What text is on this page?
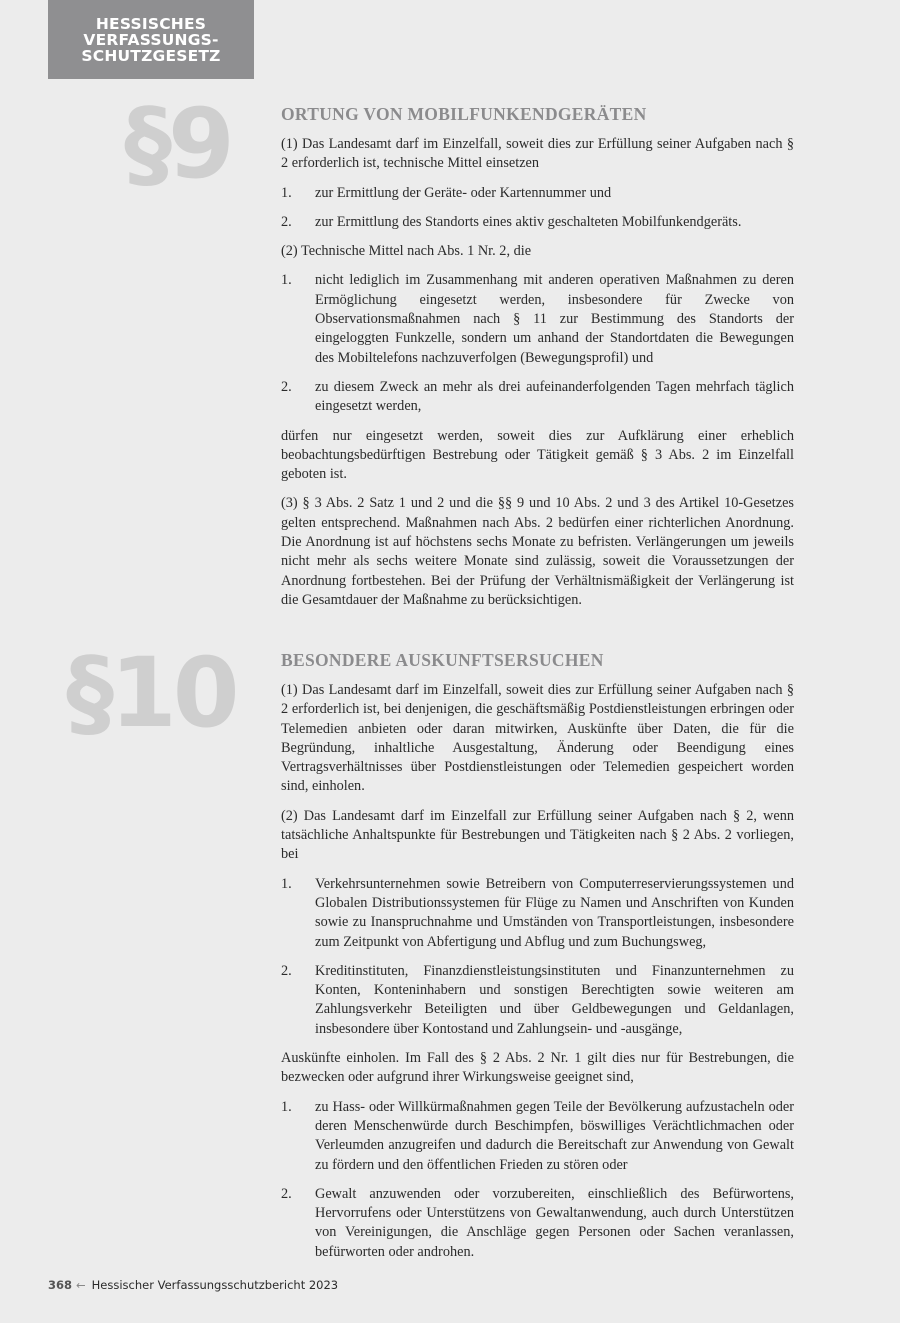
HESSISCHES
VERFASSUNGS-
SCHUTZGESETZ
§9
§10
ORTUNG VON MOBILFUNKENDGERÄTEN

(1) Das Landesamt darf im Einzelfall, soweit dies zur Erfüllung seiner Aufgaben nach § 2 erforderlich ist, technische Mittel einsetzen

1.	zur Ermittlung der Geräte- oder Kartennummer und
2.	zur Ermittlung des Standorts eines aktiv geschalteten Mobilfunkendgeräts.

(2) Technische Mittel nach Abs. 1 Nr. 2, die

1.	nicht lediglich im Zusammenhang mit anderen operativen Maßnahmen zu deren Ermöglichung eingesetzt werden, insbesondere für Zwecke von Observationsmaßnahmen nach § 11 zur Bestimmung des Standorts der eingeloggten Funkzelle, sondern um anhand der Standortdaten die Bewegungen des Mobiltelefons nachzuverfolgen (Bewegungsprofil) und
2.	zu diesem Zweck an mehr als drei aufeinanderfolgenden Tagen mehrfach täglich eingesetzt werden,

dürfen nur eingesetzt werden, soweit dies zur Aufklärung einer erheblich beobachtungsbedürftigen Bestrebung oder Tätigkeit gemäß § 3 Abs. 2 im Einzelfall geboten ist.

(3) § 3 Abs. 2 Satz 1 und 2 und die §§ 9 und 10 Abs. 2 und 3 des Artikel 10-Gesetzes gelten entsprechend. Maßnahmen nach Abs. 2 bedürfen einer richterlichen Anordnung. Die Anordnung ist auf höchstens sechs Monate zu befristen. Verlängerungen um jeweils nicht mehr als sechs weitere Monate sind zulässig, soweit die Voraussetzungen der Anordnung fortbestehen. Bei der Prüfung der Verhältnismäßigkeit der Verlängerung ist die Gesamtdauer der Maßnahme zu berücksichtigen.

BESONDERE AUSKUNFTSERSUCHEN

(1) Das Landesamt darf im Einzelfall, soweit dies zur Erfüllung seiner Aufgaben nach § 2 erforderlich ist, bei denjenigen, die geschäftsmäßig Postdienstleistungen erbringen oder Telemedien anbieten oder daran mitwirken, Auskünfte über Daten, die für die Begründung, inhaltliche Ausgestaltung, Änderung oder Beendigung eines Vertragsverhältnisses über Postdienstleistungen oder Telemedien gespeichert worden sind, einholen.

(2) Das Landesamt darf im Einzelfall zur Erfüllung seiner Aufgaben nach § 2, wenn tatsächliche Anhaltspunkte für Bestrebungen und Tätigkeiten nach § 2 Abs. 2 vorliegen, bei

1.	Verkehrsunternehmen sowie Betreibern von Computerreservierungssystemen und Globalen Distributionssystemen für Flüge zu Namen und Anschriften von Kunden sowie zu Inanspruchnahme und Umständen von Transportleistungen, insbesondere zum Zeitpunkt von Abfertigung und Abflug und zum Buchungsweg,
2.	Kreditinstituten, Finanzdienstleistungsinstituten und Finanzunternehmen zu Konten, Konteninhabern und sonstigen Berechtigten sowie weiteren am Zahlungsverkehr Beteiligten und über Geldbewegungen und Geldanlagen, insbesondere über Kontostand und Zahlungsein- und -ausgänge,

Auskünfte einholen. Im Fall des § 2 Abs. 2 Nr. 1 gilt dies nur für Bestrebungen, die bezwecken oder aufgrund ihrer Wirkungsweise geeignet sind,

1.	zu Hass- oder Willkürmaßnahmen gegen Teile der Bevölkerung aufzustacheln oder deren Menschenwürde durch Beschimpfen, böswilliges Verächtlichmachen oder Verleumden anzugreifen und dadurch die Bereitschaft zur Anwendung von Gewalt zu fördern und den öffentlichen Frieden zu stören oder
2.	Gewalt anzuwenden oder vorzubereiten, einschließlich des Befürwortens, Hervorrufens oder Unterstützens von Gewaltanwendung, auch durch Unterstützen von Vereinigungen, die Anschläge gegen Personen oder Sachen veranlassen, befürworten oder androhen.
368 ← Hessischer Verfassungsschutzbericht 2023
